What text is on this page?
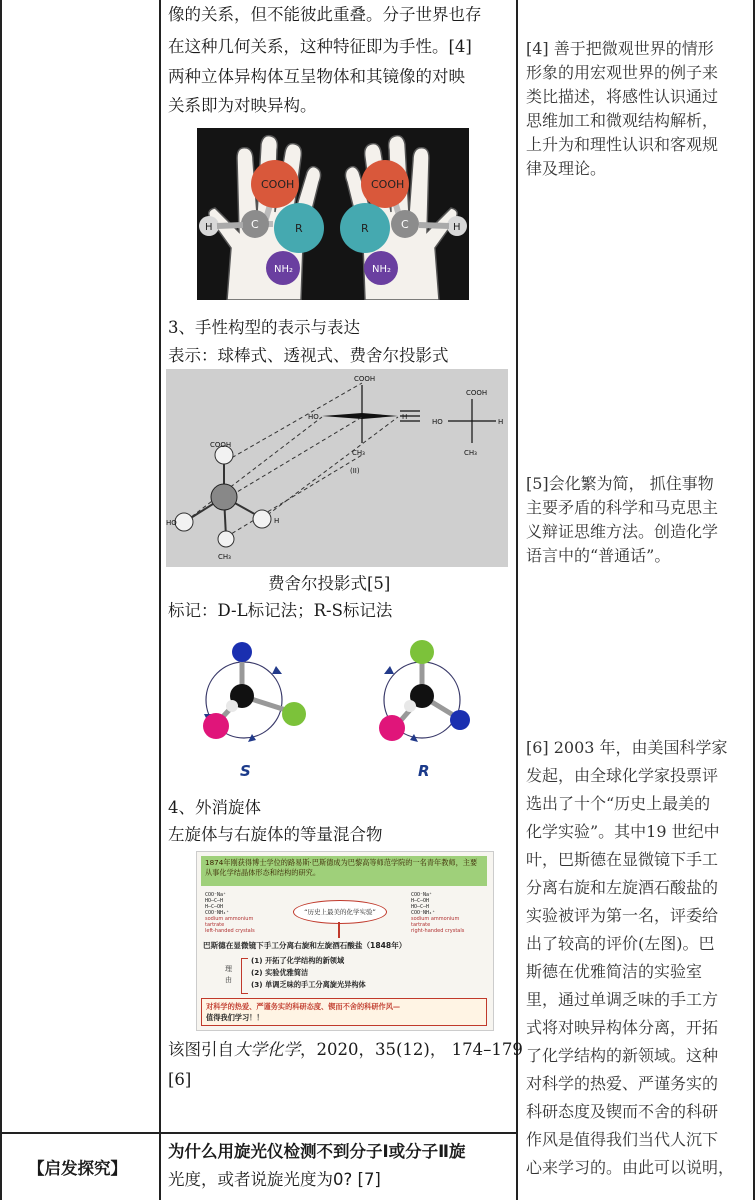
像的关系，但不能彼此重叠。分子世界也存
在这种几何关系，这种特征即为手性。[4]
两种立体异构体互呈物体和其镜像的对映
关系即为对映异构。
COOH
C	R
H
NH₂
COOH
C
R	H
NH₂
3、手性构型的表示与表达
表示：球棒式、透视式、费舍尔投影式
COOH
HO	H
CH₃
(II)
COOH
HO	H
CH₃
COOH
HO	H
CH₃
费舍尔投影式[5]
标记：D-L标记法；R-S标记法
S	R
4、外消旋体
左旋体与右旋体的等量混合物
1874年刚获得博士学位的路易斯·巴斯德成为巴黎高等师范学院的一名青年教师，主要从事化学结晶体形态和结构的研究。
COO⁻Na⁺
HO—C—H
H—C—OH
COO⁻NH₄⁺
sodium ammonium
tartrate
left-handed crystals
“历史上最美的化学实验”
COO⁻Na⁺
H—C—OH
HO—C—H
COO⁻NH₄⁺
sodium ammonium
tartrate
right-handed crystals
巴斯德在显微镜下手工分离右旋和左旋酒石酸盐（1848年）
理由
(1) 开拓了化学结构的新领域
(2) 实验优雅简洁
(3) 单调乏味的手工分离旋光异构体
对科学的热爱、严谨务实的科研态度、锲而不舍的科研作风—
值得我们学习！！
该图引自大学化学，2020，35(12)， 174–179
[6]
【启发探究】
为什么用旋光仪检测不到分子Ⅰ或分子Ⅱ旋
光度，或者说旋光度为0? [7]
[4] 善于把微观世界的情形
形象的用宏观世界的例子来
类比描述，将感性认识通过
思维加工和微观结构解析，
上升为和理性认识和客观规
律及理论。
[5]会化繁为简， 抓住事物
主要矛盾的科学和马克思主
义辩证思维方法。创造化学
语言中的“普通话”。
[6] 2003 年，由美国科学家
发起，由全球化学家投票评
选出了十个“历史上最美的
化学实验”。其中19 世纪中
叶，巴斯德在显微镜下手工
分离右旋和左旋酒石酸盐的
实验被评为第一名，评委给
出了较高的评价(左图)。巴
斯德在优雅简洁的实验室
里，通过单调乏味的手工方
式将对映异构体分离，开拓
了化学结构的新领域。这种
对科学的热爱、严谨务实的
科研态度及锲而不舍的科研
作风是值得我们当代人沉下
心来学习的。由此可以说明，
